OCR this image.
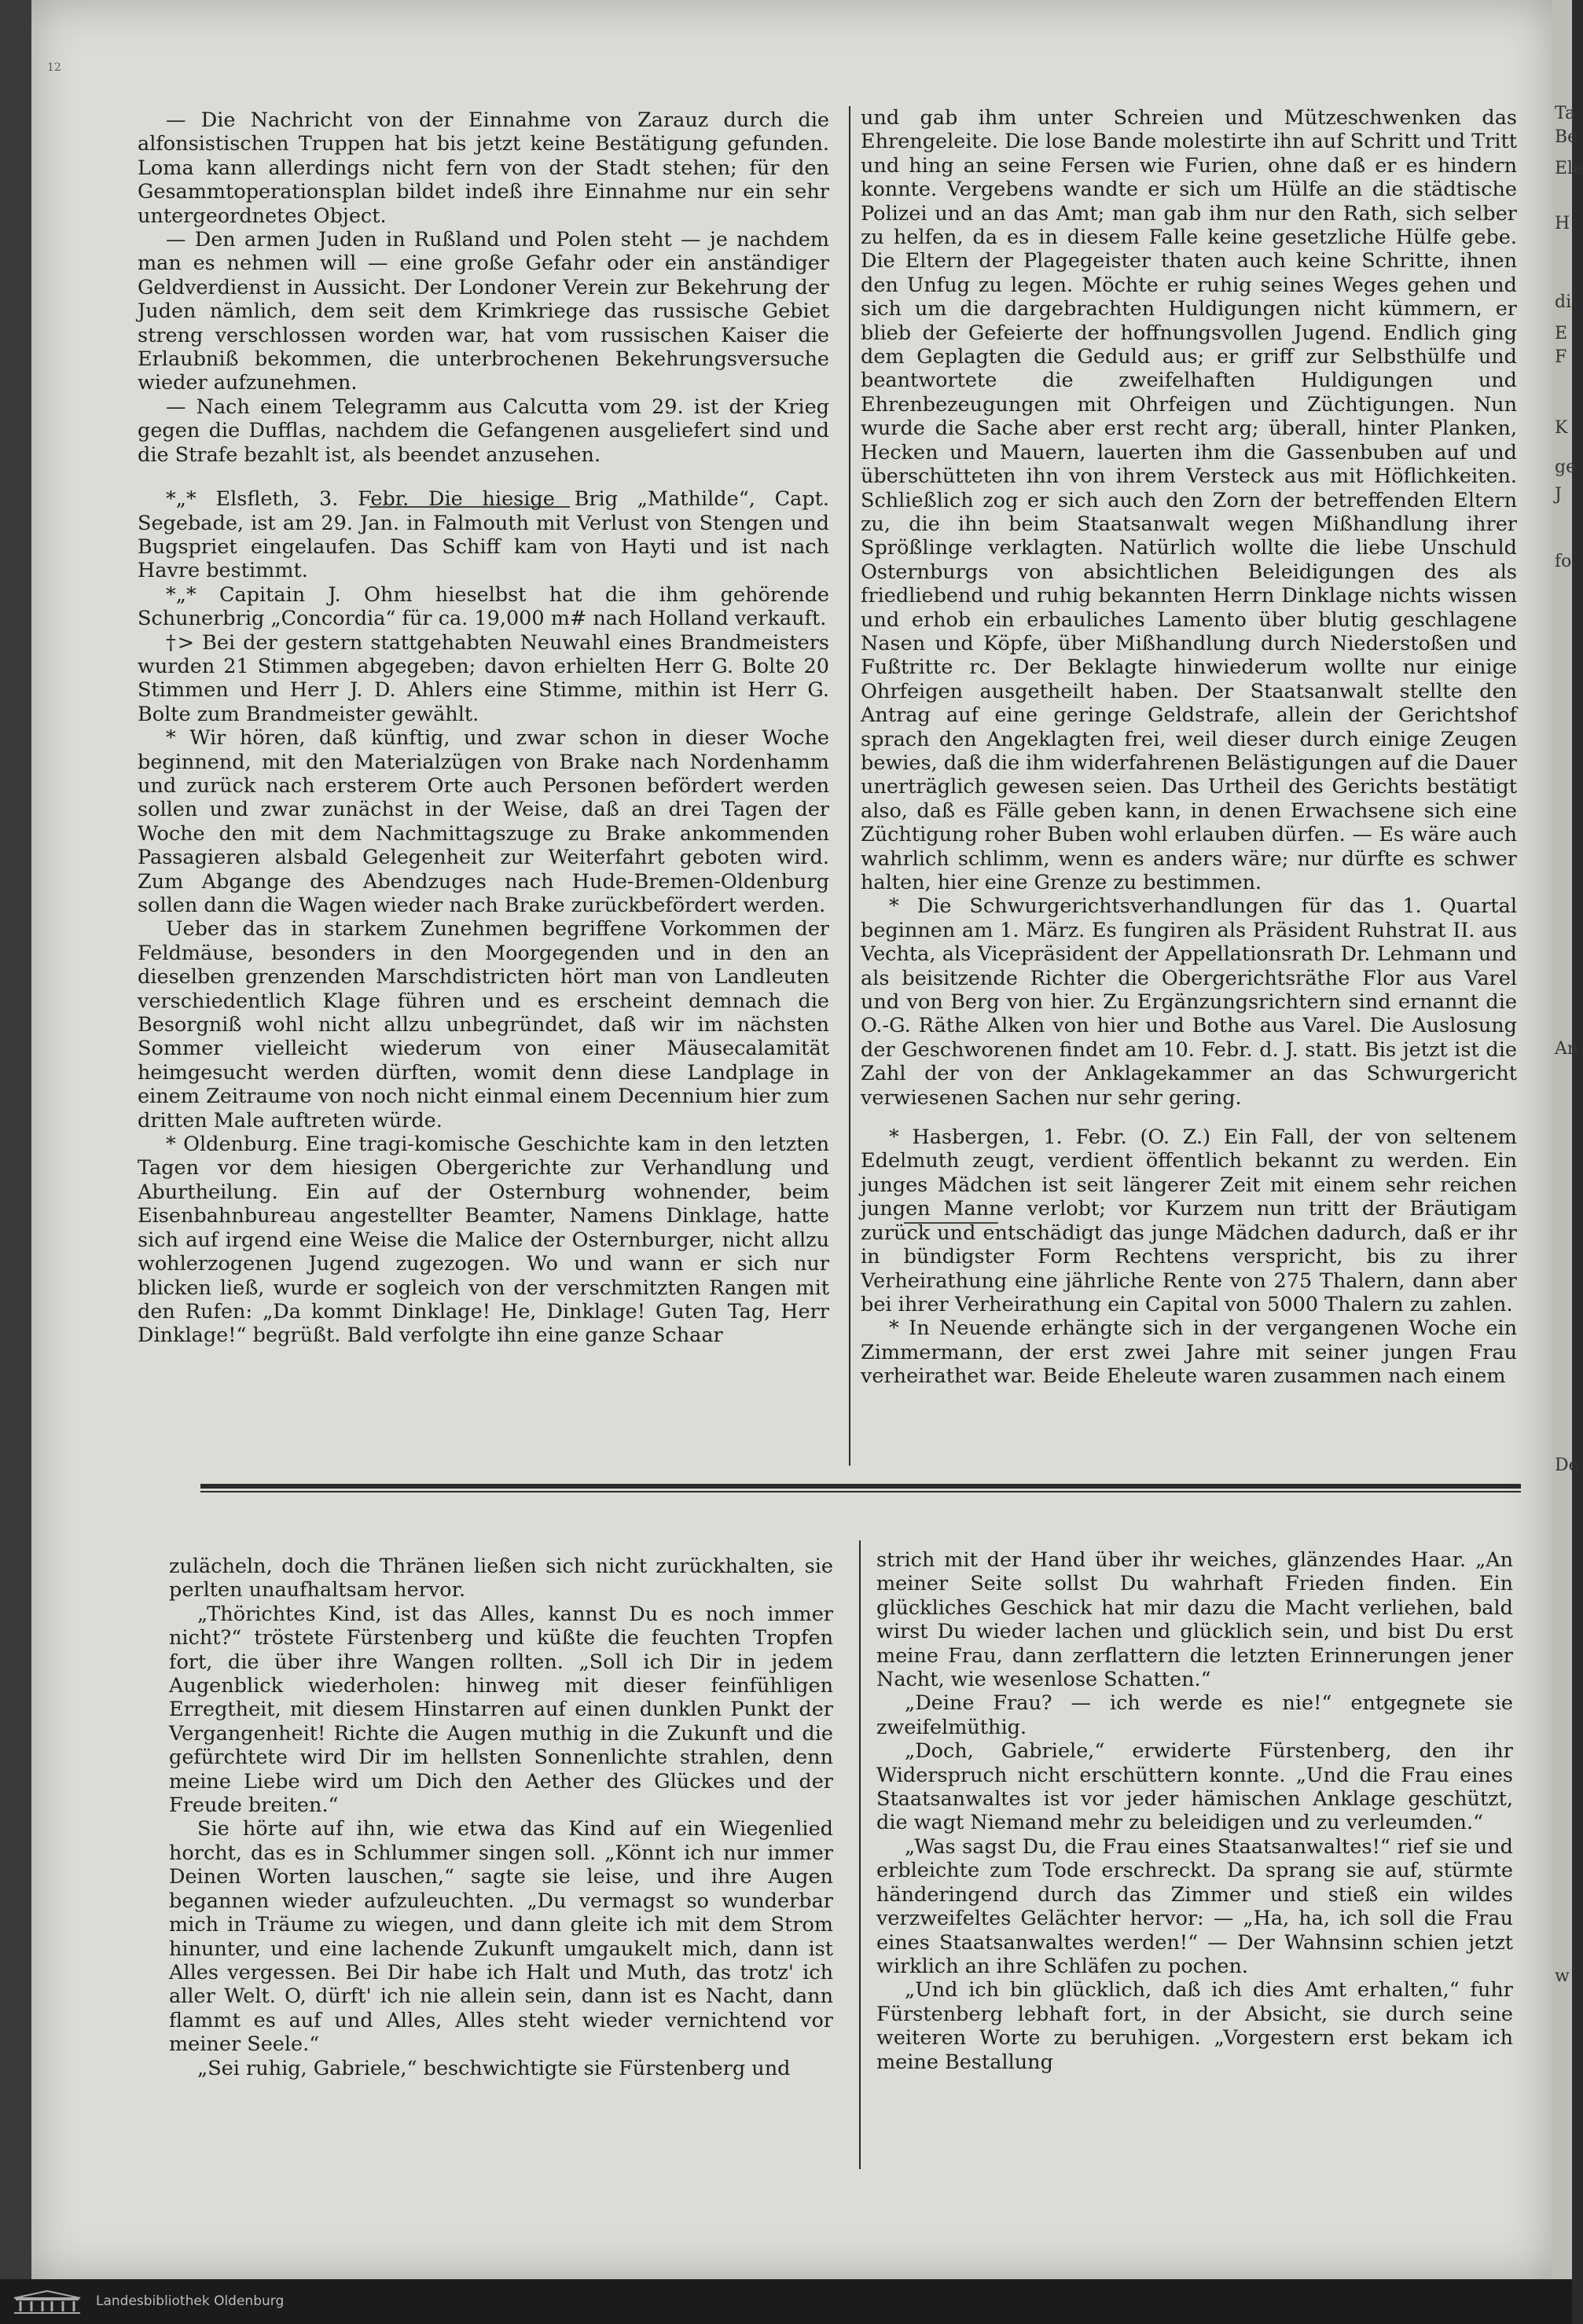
12
Ta
Be
Ele
H
di
E
F
K
ge
J
fo
An
De
w

— Die Nachricht von der Einnahme von Zarauz durch die alfonsistischen Truppen hat bis jetzt keine Bestätigung gefunden. Loma kann allerdings nicht fern von der Stadt stehen; für den Gesammtoperationsplan bildet indeß ihre Einnahme nur ein sehr untergeordnetes Object.

— Den armen Juden in Rußland und Polen steht — je nachdem man es nehmen will — eine große Gefahr oder ein anständiger Geldverdienst in Aussicht. Der Londoner Verein zur Bekehrung der Juden nämlich, dem seit dem Krimkriege das russische Gebiet streng verschlossen worden war, hat vom russischen Kaiser die Erlaubniß bekommen, die unterbrochenen Bekehrungsversuche wieder aufzunehmen.

— Nach einem Telegramm aus Calcutta vom 29. ist der Krieg gegen die Dufflas, nachdem die Gefangenen ausgeliefert sind und die Strafe bezahlt ist, als beendet anzusehen.

*„* Elsfleth, 3. Febr. Die hiesige Brig „Mathilde“, Capt. Segebade, ist am 29. Jan. in Falmouth mit Verlust von Stengen und Bugspriet eingelaufen. Das Schiff kam von Hayti und ist nach Havre bestimmt.

*„* Capitain J. Ohm hieselbst hat die ihm gehörende Schunerbrig „Concordia“ für ca. 19,000 m# nach Holland verkauft.

†> Bei der gestern stattgehabten Neuwahl eines Brandmeisters wurden 21 Stimmen abgegeben; davon erhielten Herr G. Bolte 20 Stimmen und Herr J. D. Ahlers eine Stimme, mithin ist Herr G. Bolte zum Brandmeister gewählt.

* Wir hören, daß künftig, und zwar schon in dieser Woche beginnend, mit den Materialzügen von Brake nach Nordenhamm und zurück nach ersterem Orte auch Personen befördert werden sollen und zwar zunächst in der Weise, daß an drei Tagen der Woche den mit dem Nachmittagszuge zu Brake ankommenden Passagieren alsbald Gelegenheit zur Weiterfahrt geboten wird. Zum Abgange des Abendzuges nach Hude-Bremen-Oldenburg sollen dann die Wagen wieder nach Brake zurückbefördert werden.

Ueber das in starkem Zunehmen begriffene Vorkommen der Feldmäuse, besonders in den Moorgegenden und in den an dieselben grenzenden Marschdistricten hört man von Landleuten verschiedentlich Klage führen und es erscheint demnach die Besorgniß wohl nicht allzu unbegründet, daß wir im nächsten Sommer vielleicht wiederum von einer Mäusecalamität heimgesucht werden dürften, womit denn diese Landplage in einem Zeitraume von noch nicht einmal einem Decennium hier zum dritten Male auftreten würde.

* Oldenburg. Eine tragi-komische Geschichte kam in den letzten Tagen vor dem hiesigen Obergerichte zur Verhandlung und Aburtheilung. Ein auf der Osternburg wohnender, beim Eisenbahnbureau angestellter Beamter, Namens Dinklage, hatte sich auf irgend eine Weise die Malice der Osternburger, nicht allzu wohlerzogenen Jugend zugezogen. Wo und wann er sich nur blicken ließ, wurde er sogleich von der verschmitzten Rangen mit den Rufen: „Da kommt Dinklage! He, Dinklage! Guten Tag, Herr Dinklage!“ begrüßt. Bald verfolgte ihn eine ganze Schaar

und gab ihm unter Schreien und Mützeschwenken das Ehrengeleite. Die lose Bande molestirte ihn auf Schritt und Tritt und hing an seine Fersen wie Furien, ohne daß er es hindern konnte. Vergebens wandte er sich um Hülfe an die städtische Polizei und an das Amt; man gab ihm nur den Rath, sich selber zu helfen, da es in diesem Falle keine gesetzliche Hülfe gebe. Die Eltern der Plagegeister thaten auch keine Schritte, ihnen den Unfug zu legen. Möchte er ruhig seines Weges gehen und sich um die dargebrachten Huldigungen nicht kümmern, er blieb der Gefeierte der hoffnungsvollen Jugend. Endlich ging dem Geplagten die Geduld aus; er griff zur Selbsthülfe und beantwortete die zweifelhaften Huldigungen und Ehrenbezeugungen mit Ohrfeigen und Züchtigungen. Nun wurde die Sache aber erst recht arg; überall, hinter Planken, Hecken und Mauern, lauerten ihm die Gassenbuben auf und überschütteten ihn von ihrem Versteck aus mit Höflichkeiten. Schließlich zog er sich auch den Zorn der betreffenden Eltern zu, die ihn beim Staatsanwalt wegen Mißhandlung ihrer Sprößlinge verklagten. Natürlich wollte die liebe Unschuld Osternburgs von absichtlichen Beleidigungen des als friedliebend und ruhig bekannten Herrn Dinklage nichts wissen und erhob ein erbauliches Lamento über blutig geschlagene Nasen und Köpfe, über Mißhandlung durch Niederstoßen und Fußtritte rc. Der Beklagte hinwiederum wollte nur einige Ohrfeigen ausgetheilt haben. Der Staatsanwalt stellte den Antrag auf eine geringe Geldstrafe, allein der Gerichtshof sprach den Angeklagten frei, weil dieser durch einige Zeugen bewies, daß die ihm widerfahrenen Belästigungen auf die Dauer unerträglich gewesen seien. Das Urtheil des Gerichts bestätigt also, daß es Fälle geben kann, in denen Erwachsene sich eine Züchtigung roher Buben wohl erlauben dürfen. — Es wäre auch wahrlich schlimm, wenn es anders wäre; nur dürfte es schwer halten, hier eine Grenze zu bestimmen.

* Die Schwurgerichtsverhandlungen für das 1. Quartal beginnen am 1. März. Es fungiren als Präsident Ruhstrat II. aus Vechta, als Vicepräsident der Appellationsrath Dr. Lehmann und als beisitzende Richter die Obergerichtsräthe Flor aus Varel und von Berg von hier. Zu Ergänzungsrichtern sind ernannt die O.-G. Räthe Alken von hier und Bothe aus Varel. Die Auslosung der Geschworenen findet am 10. Febr. d. J. statt. Bis jetzt ist die Zahl der von der Anklagekammer an das Schwurgericht verwiesenen Sachen nur sehr gering.

* Hasbergen, 1. Febr. (O. Z.) Ein Fall, der von seltenem Edelmuth zeugt, verdient öffentlich bekannt zu werden. Ein junges Mädchen ist seit längerer Zeit mit einem sehr reichen jungen Manne verlobt; vor Kurzem nun tritt der Bräutigam zurück und entschädigt das junge Mädchen dadurch, daß er ihr in bündigster Form Rechtens verspricht, bis zu ihrer Verheirathung eine jährliche Rente von 275 Thalern, dann aber bei ihrer Verheirathung ein Capital von 5000 Thalern zu zahlen.

* In Neuende erhängte sich in der vergangenen Woche ein Zimmermann, der erst zwei Jahre mit seiner jungen Frau verheirathet war. Beide Eheleute waren zusammen nach einem

zulächeln, doch die Thränen ließen sich nicht zurückhalten, sie perlten unaufhaltsam hervor.

„Thörichtes Kind, ist das Alles, kannst Du es noch immer nicht?“ tröstete Fürstenberg und küßte die feuchten Tropfen fort, die über ihre Wangen rollten. „Soll ich Dir in jedem Augenblick wiederholen: hinweg mit dieser feinfühligen Erregtheit, mit diesem Hinstarren auf einen dunklen Punkt der Vergangenheit! Richte die Augen muthig in die Zukunft und die gefürchtete wird Dir im hellsten Sonnenlichte strahlen, denn meine Liebe wird um Dich den Aether des Glückes und der Freude breiten.“

Sie hörte auf ihn, wie etwa das Kind auf ein Wiegenlied horcht, das es in Schlummer singen soll. „Könnt ich nur immer Deinen Worten lauschen,“ sagte sie leise, und ihre Augen begannen wieder aufzuleuchten. „Du vermagst so wunderbar mich in Träume zu wiegen, und dann gleite ich mit dem Strom hinunter, und eine lachende Zukunft umgaukelt mich, dann ist Alles vergessen. Bei Dir habe ich Halt und Muth, das trotz' ich aller Welt. O, dürft' ich nie allein sein, dann ist es Nacht, dann flammt es auf und Alles, Alles steht wieder vernichtend vor meiner Seele.“

„Sei ruhig, Gabriele,“ beschwichtigte sie Fürstenberg und

strich mit der Hand über ihr weiches, glänzendes Haar. „An meiner Seite sollst Du wahrhaft Frieden finden. Ein glückliches Geschick hat mir dazu die Macht verliehen, bald wirst Du wieder lachen und glücklich sein, und bist Du erst meine Frau, dann zerflattern die letzten Erinnerungen jener Nacht, wie wesenlose Schatten.“

„Deine Frau? — ich werde es nie!“ entgegnete sie zweifelmüthig.

„Doch, Gabriele,“ erwiderte Fürstenberg, den ihr Widerspruch nicht erschüttern konnte. „Und die Frau eines Staatsanwaltes ist vor jeder hämischen Anklage geschützt, die wagt Niemand mehr zu beleidigen und zu verleumden.“

„Was sagst Du, die Frau eines Staatsanwaltes!“ rief sie und erbleichte zum Tode erschreckt. Da sprang sie auf, stürmte händeringend durch das Zimmer und stieß ein wildes verzweifeltes Gelächter hervor: — „Ha, ha, ich soll die Frau eines Staatsanwaltes werden!“ — Der Wahnsinn schien jetzt wirklich an ihre Schläfen zu pochen.

„Und ich bin glücklich, daß ich dies Amt erhalten,“ fuhr Fürstenberg lebhaft fort, in der Absicht, sie durch seine weiteren Worte zu beruhigen. „Vorgestern erst bekam ich meine Bestallung

Landesbibliothek Oldenburg
